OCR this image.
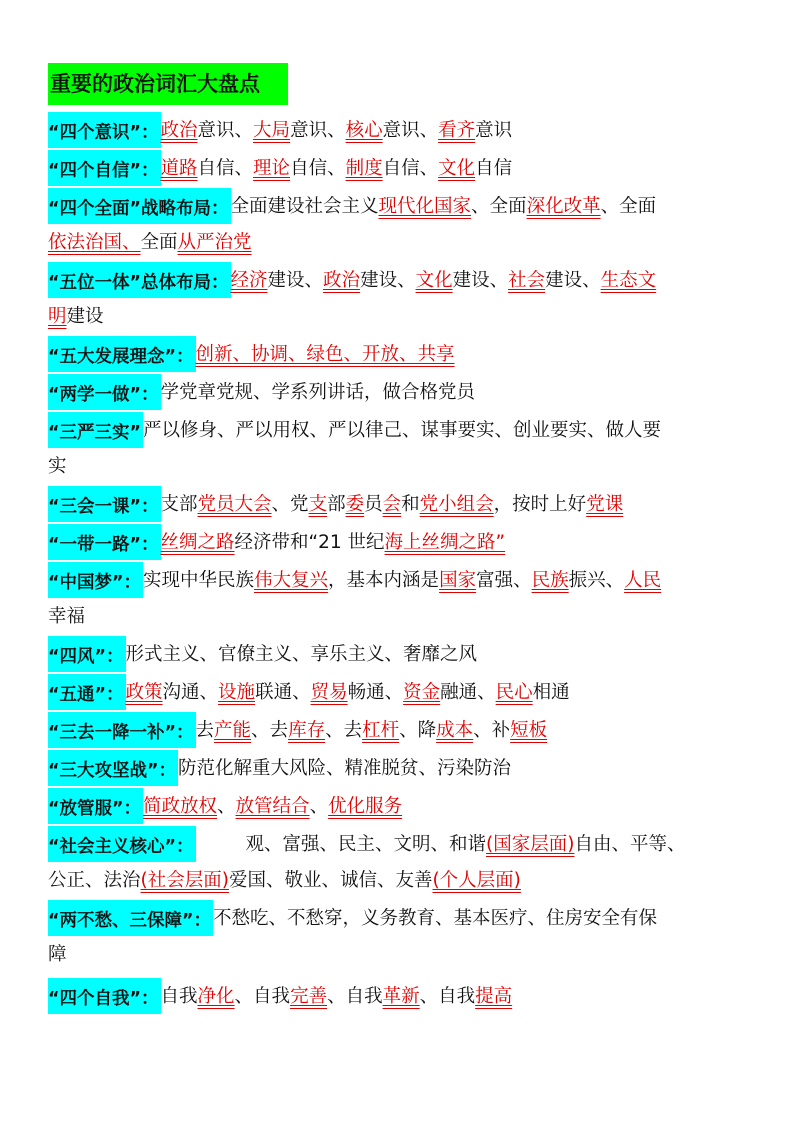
重要的政治词汇大盘点
“四个意识”： 政治意识、大局意识、核心意识、看齐意识
“四个自信”： 道路自信、理论自信、制度自信、文化自信
“四个全面”战略布局： 全面建设社会主义现代化国家、全面深化改革、全面
依法治国、全面从严治党
“五位一体”总体布局： 经济建设、政治建设、文化建设、社会建设、生态文
明建设
“五大发展理念”： 创新、协调、绿色、开放、共享
“两学一做”： 学党章党规、学系列讲话，做合格党员
“三严三实” 严以修身、严以用权、严以律己、谋事要实、创业要实、做人要
实
“三会一课”： 支部党员大会、党支部委员会和党小组会，按时上好党课
“一带一路”： 丝绸之路经济带和“21 世纪海上丝绸之路”
“中国梦”： 实现中华民族伟大复兴，基本内涵是国家富强、民族振兴、人民
幸福
“四风”： 形式主义、官僚主义、享乐主义、奢靡之风
“五通”： 政策沟通、设施联通、贸易畅通、资金融通、民心相通
“三去一降一补”： 去产能、去库存、去杠杆、降成本、补短板
“三大攻坚战”： 防范化解重大风险、精准脱贫、污染防治
“放管服”： 简政放权、放管结合、优化服务
“社会主义核心”：	观、富强、民主、文明、和谐(国家层面)自由、平等、
公正、法治(社会层面)爱国、敬业、诚信、友善(个人层面)
“两不愁、三保障”： 不愁吃、不愁穿，义务教育、基本医疗、住房安全有保
障
“四个自我”： 自我净化、自我完善、自我革新、自我提高
